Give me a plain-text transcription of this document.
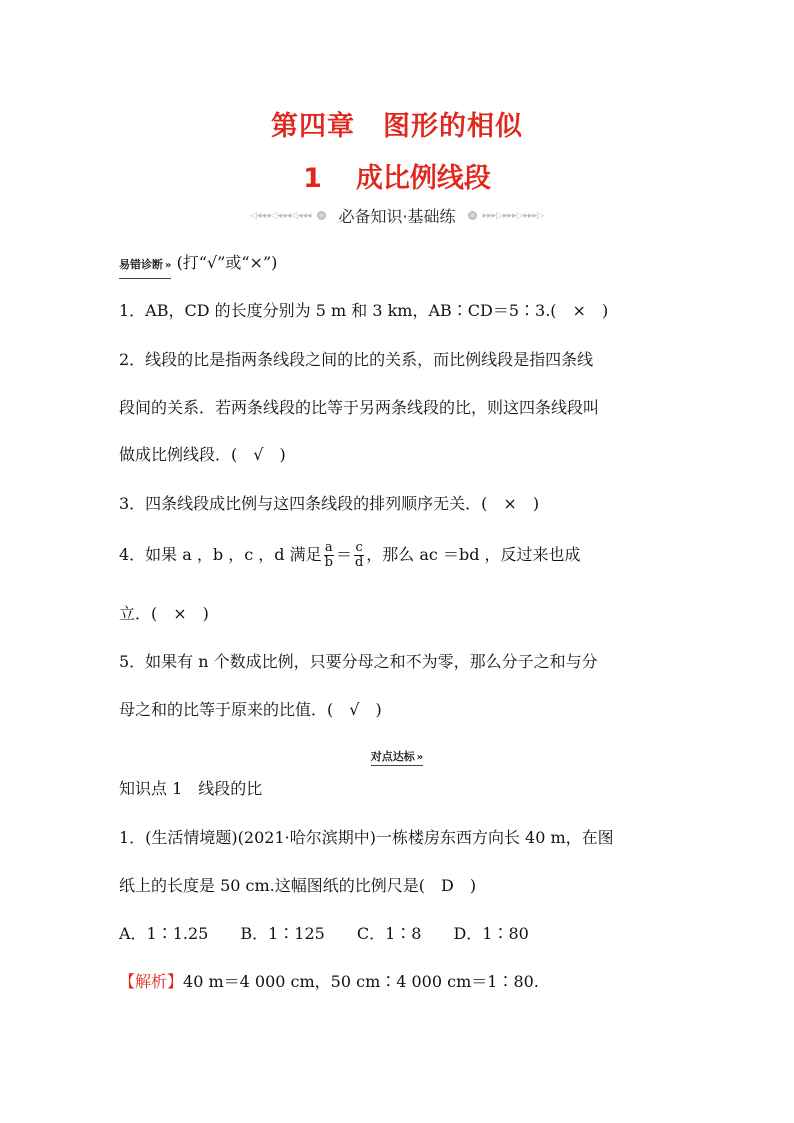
第四章　图形的相似
1 成比例线段
◁◂◂◂◁◂◂◂◁◂◂◂ 必备知识·基础练	▸▸▸▷▸▸▸▷▸▸▸▷
易错诊断 » (打“√”或“×”)
1．AB，CD 的长度分别为 5 m 和 3 km，AB∶CD＝5∶3.(　×　)
2．线段的比是指两条线段之间的比的关系，而比例线段是指四条线
段间的关系．若两条线段的比等于另两条线段的比，则这四条线段叫
做成比例线段．(　√　)
3．四条线段成比例与这四条线段的排列顺序无关．(　×　)
4．如果 a ，b ，c ，d 满足 $\frac{a}{b} = \frac{c}{d}$ ，那么 ac ＝bd ，反过来也成
立．(　×　)
5．如果有 n 个数成比例，只要分母之和不为零，那么分子之和与分
母之和的比等于原来的比值．(　√　)
对点达标 »
知识点 1　线段的比
1．(生活情境题)(2021·哈尔滨期中)一栋楼房东西方向长 40 m，在图
纸上的长度是 50 cm.这幅图纸的比例尺是(　D　)
A．1∶1.25　　B．1∶125　　C．1∶8　　D．1∶80
【解析】40 m＝4 000 cm，50 cm∶4 000 cm＝1∶80.
